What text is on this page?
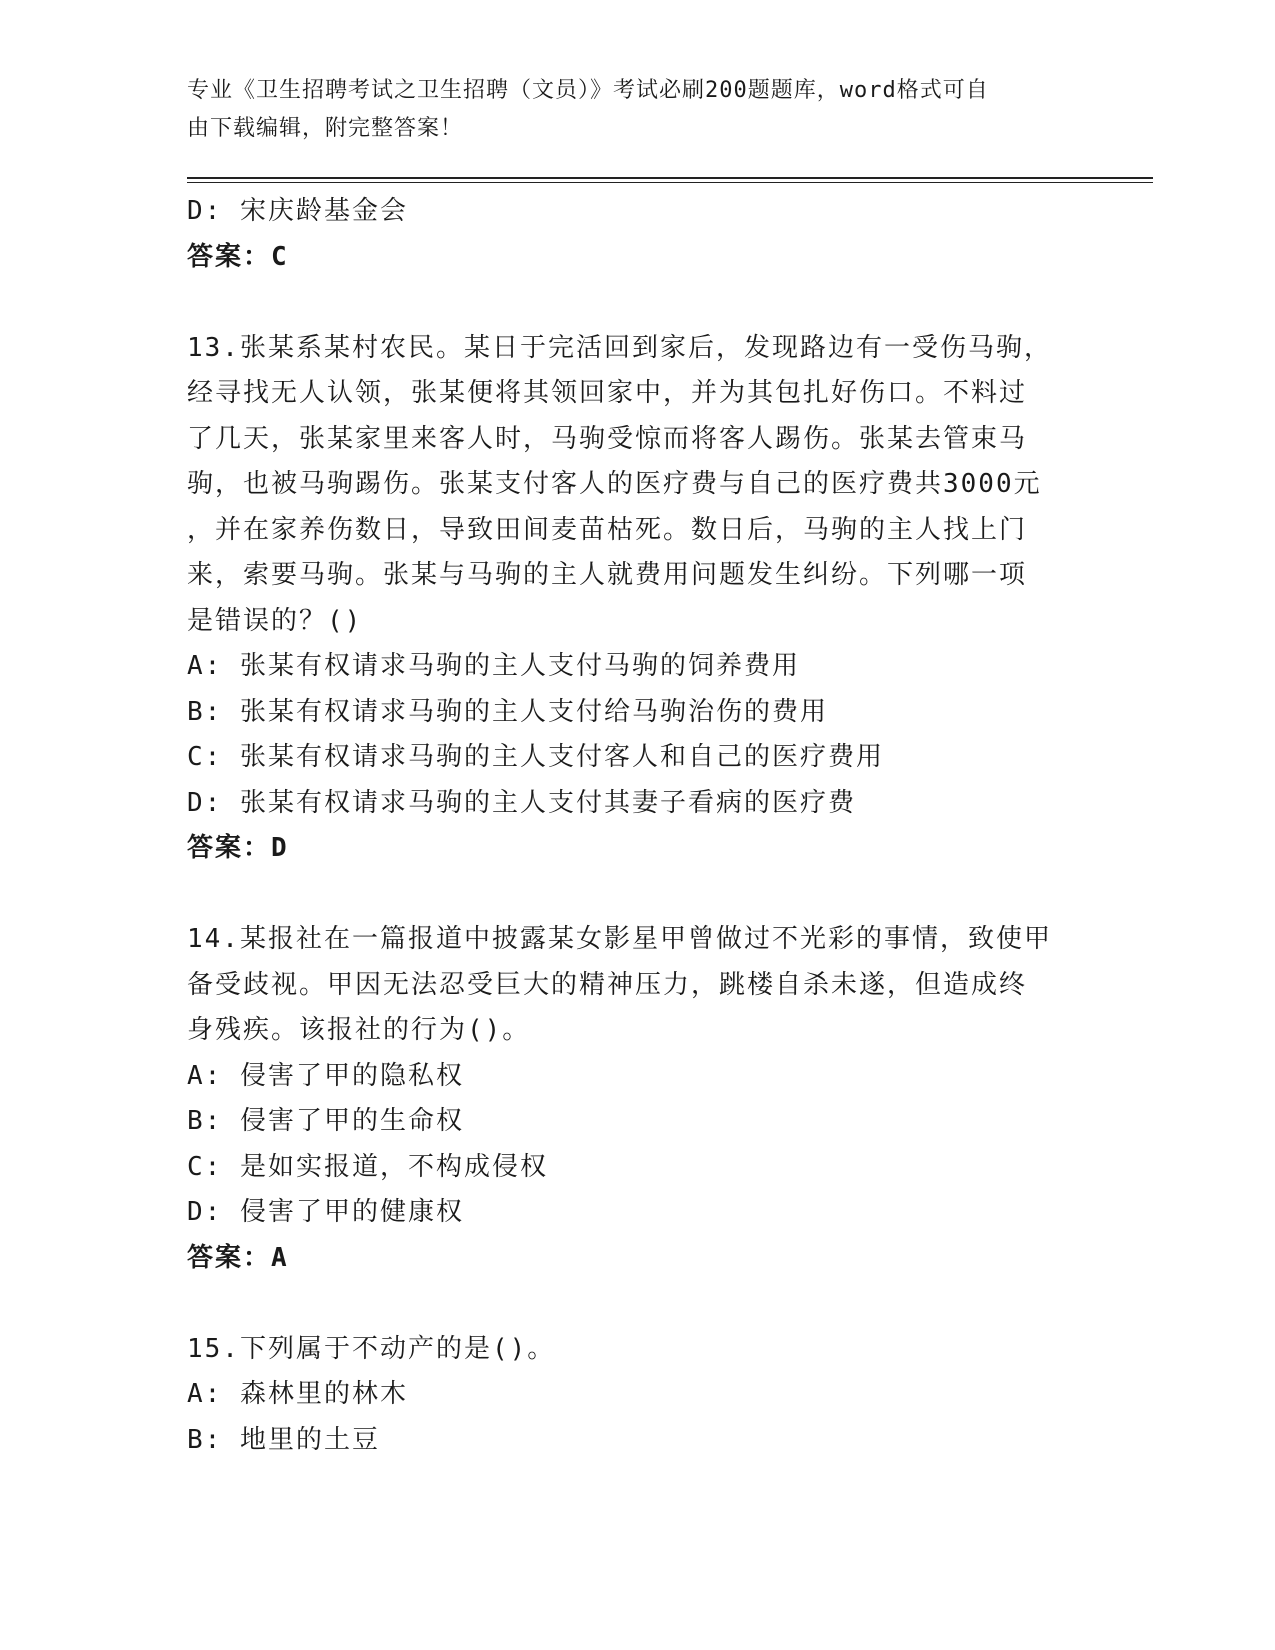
专业《卫生招聘考试之卫生招聘（文员）》考试必刷200题题库，word格式可自
由下载编辑，附完整答案！
D: 宋庆龄基金会
答案：C
13.张某系某村农民。某日于完活回到家后，发现路边有一受伤马驹，
经寻找无人认领，张某便将其领回家中，并为其包扎好伤口。不料过
了几天，张某家里来客人时，马驹受惊而将客人踢伤。张某去管束马
驹，也被马驹踢伤。张某支付客人的医疗费与自己的医疗费共3000元
，并在家养伤数日，导致田间麦苗枯死。数日后，马驹的主人找上门
来，索要马驹。张某与马驹的主人就费用问题发生纠纷。下列哪一项
是错误的？()
A: 张某有权请求马驹的主人支付马驹的饲养费用
B: 张某有权请求马驹的主人支付给马驹治伤的费用
C: 张某有权请求马驹的主人支付客人和自己的医疗费用
D: 张某有权请求马驹的主人支付其妻子看病的医疗费
答案：D
14.某报社在一篇报道中披露某女影星甲曾做过不光彩的事情，致使甲
备受歧视。甲因无法忍受巨大的精神压力，跳楼自杀未遂，但造成终
身残疾。该报社的行为()。
A: 侵害了甲的隐私权
B: 侵害了甲的生命权
C: 是如实报道，不构成侵权
D: 侵害了甲的健康权
答案：A
15.下列属于不动产的是()。
A: 森林里的林木
B: 地里的土豆
